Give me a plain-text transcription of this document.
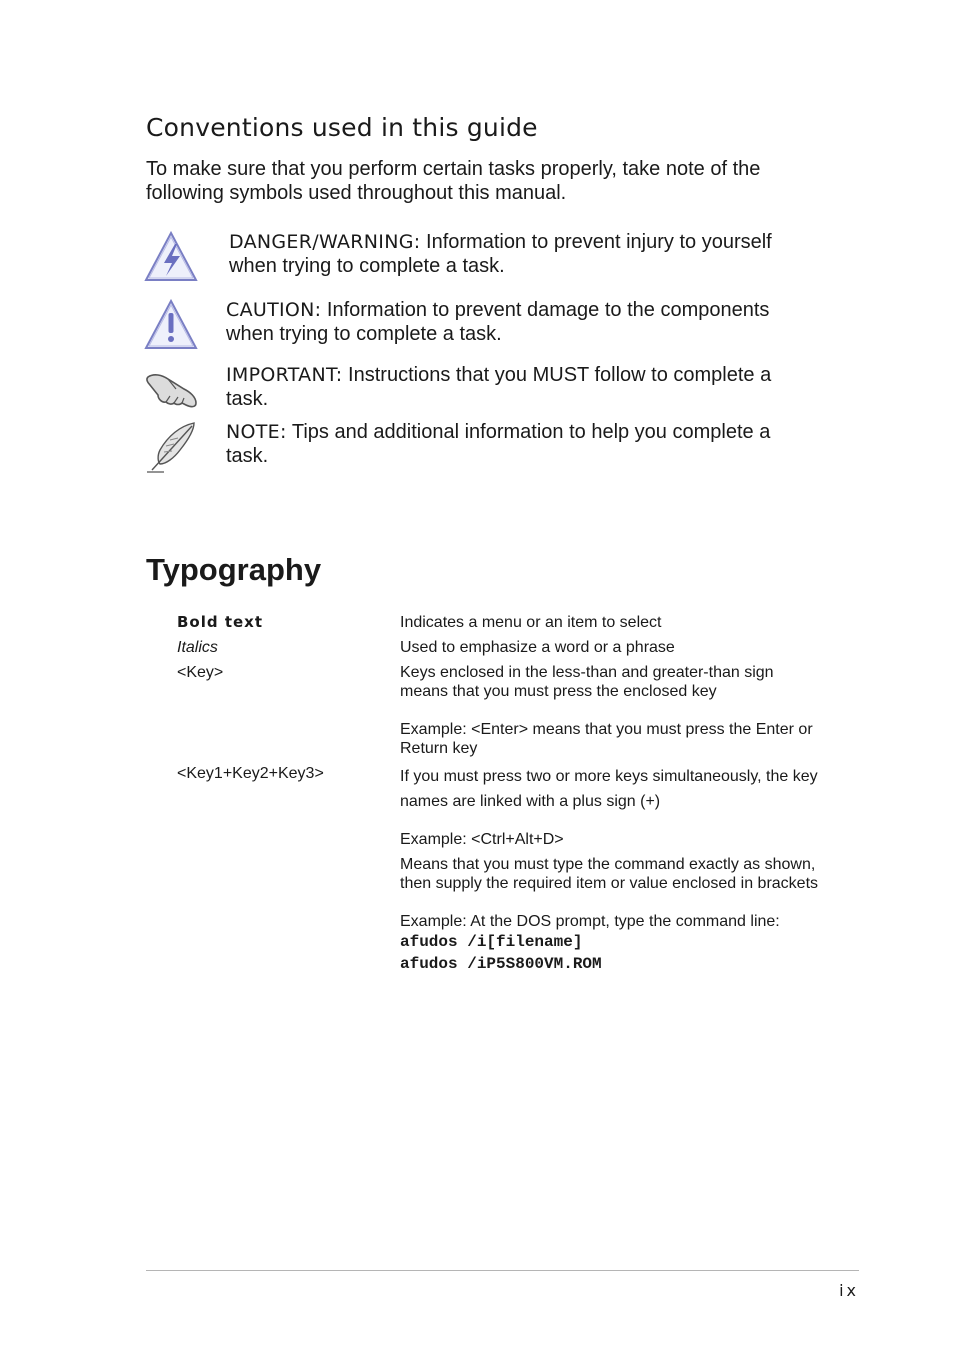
Conventions used in this guide

To make sure that you perform certain tasks properly, take note of the following symbols used throughout this manual.

DANGER/WARNING: Information to prevent injury to yourself when trying to complete a task.

CAUTION: Information to prevent damage to the components when trying to complete a task.

IMPORTANT: Instructions that you MUST follow to complete a task.

NOTE: Tips and additional information to help you complete a task.

Typography
Bold text	Indicates a menu or an item to select

Italics	Used to emphasize a word or a phrase

<Key>	Keys enclosed in the less-than and greater-than sign means that you must press the enclosed key

Example: <Enter> means that you must press the Enter or Return key

<Key1+Key2+Key3>	If you must press two or more keys simultaneously, the key names are linked with a plus sign (+)

Example: <Ctrl+Alt+D>

Means that you must type the command exactly as shown, then supply the required item or value enclosed in brackets

Example: At the DOS prompt, type the command line:

afudos /i[filename]
afudos /iP5S800VM.ROM
ix
